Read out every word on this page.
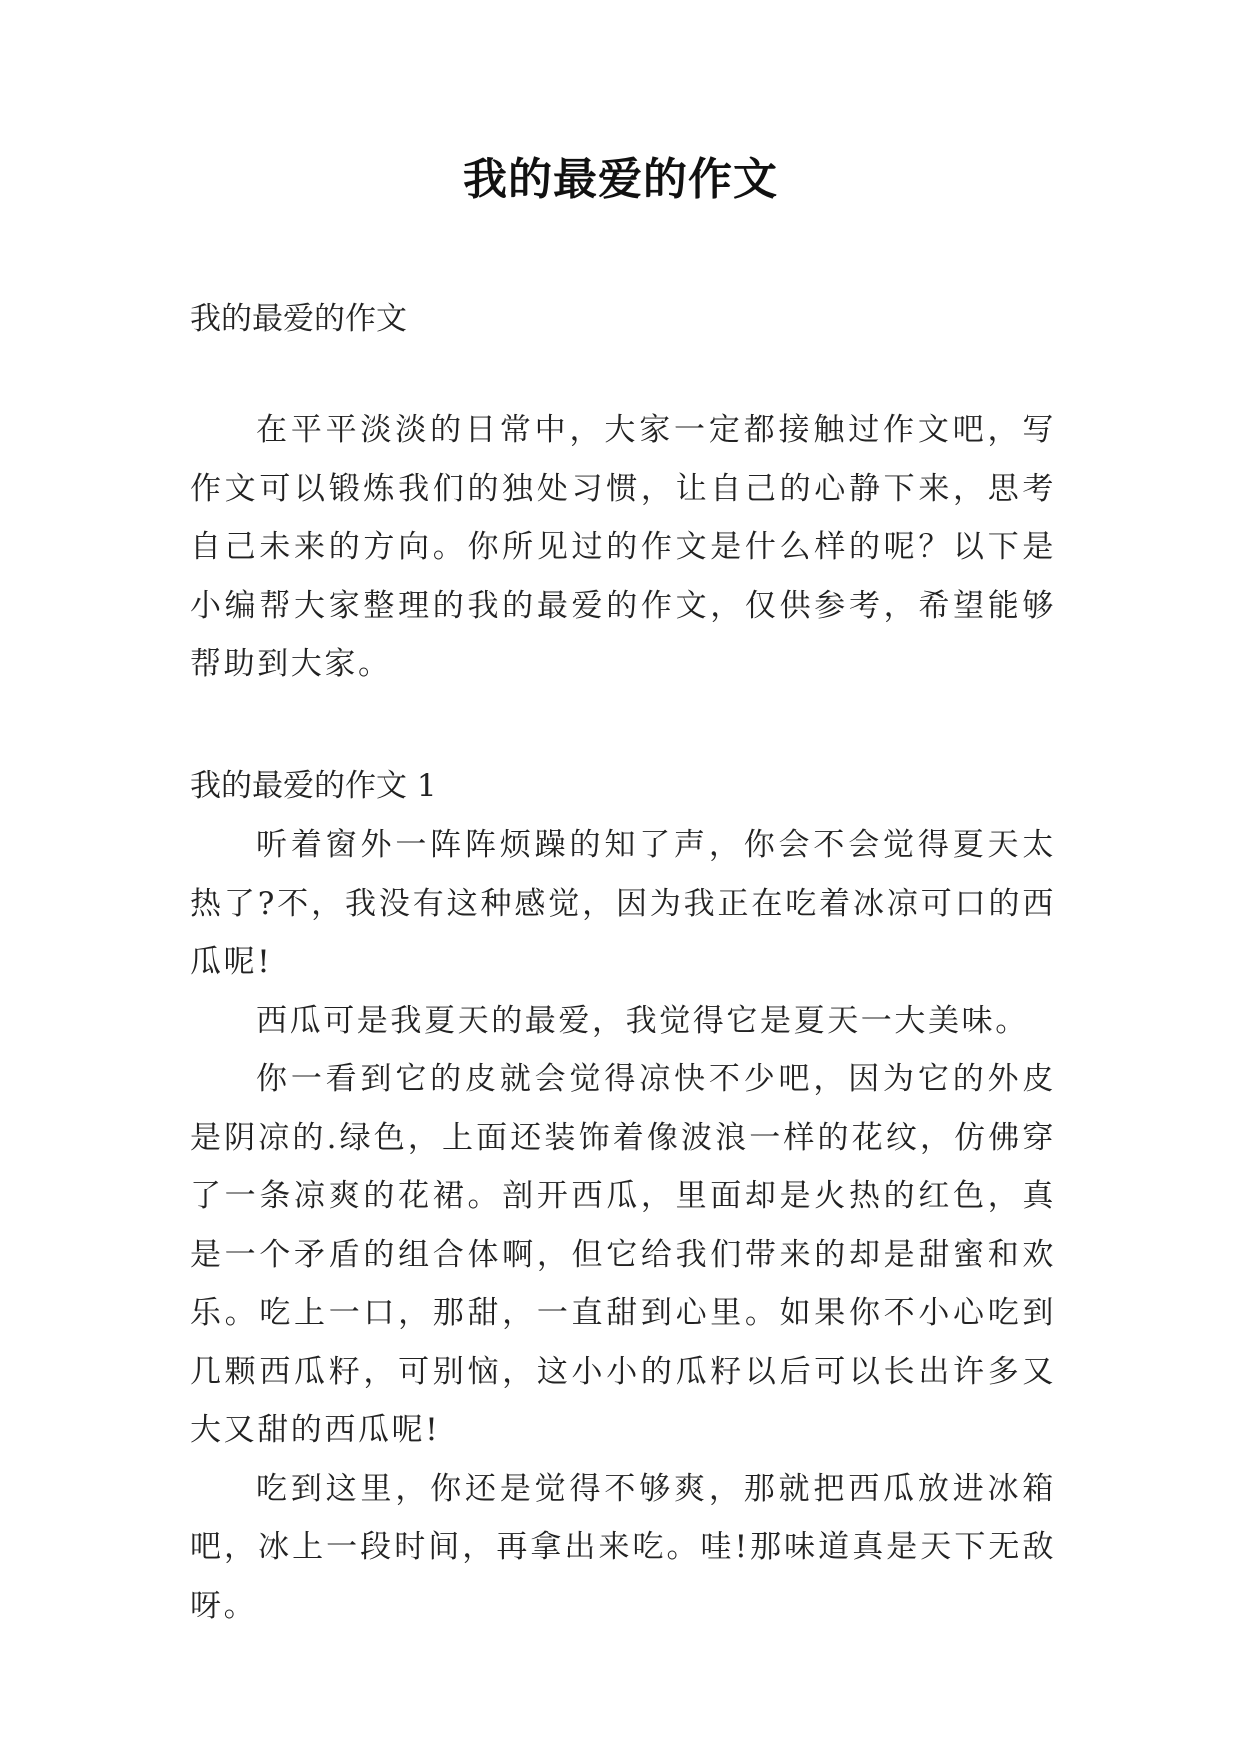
我的最爱的作文
我的最爱的作文

在平平淡淡的日常中，大家一定都接触过作文吧，写作文可以锻炼我们的独处习惯，让自己的心静下来，思考自己未来的方向。你所见过的作文是什么样的呢？以下是小编帮大家整理的我的最爱的作文，仅供参考，希望能够帮助到大家。

我的最爱的作文 1

听着窗外一阵阵烦躁的知了声，你会不会觉得夏天太热了?不，我没有这种感觉，因为我正在吃着冰凉可口的西瓜呢!

西瓜可是我夏天的最爱，我觉得它是夏天一大美味。

你一看到它的皮就会觉得凉快不少吧，因为它的外皮是阴凉的.绿色，上面还装饰着像波浪一样的花纹，仿佛穿了一条凉爽的花裙。剖开西瓜，里面却是火热的红色，真是一个矛盾的组合体啊，但它给我们带来的却是甜蜜和欢乐。吃上一口，那甜，一直甜到心里。如果你不小心吃到几颗西瓜籽，可别恼，这小小的瓜籽以后可以长出许多又大又甜的西瓜呢!

吃到这里，你还是觉得不够爽，那就把西瓜放进冰箱吧，冰上一段时间，再拿出来吃。哇!那味道真是天下无敌呀。
